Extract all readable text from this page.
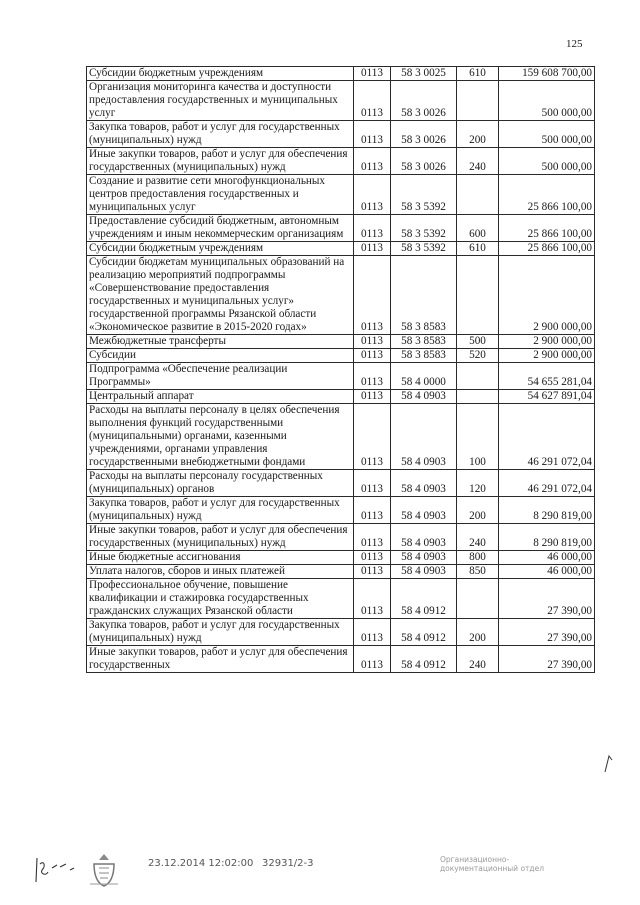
125
Субсидии бюджетным учреждениям	0113	58 3 0025	610	159 608 700,00
Организация мониторинга качества и доступности предоставления государственных и муниципальных услуг	0113	58 3 0026		500 000,00
Закупка товаров, работ и услуг для государственных (муниципальных) нужд	0113	58 3 0026	200	500 000,00
Иные закупки товаров, работ и услуг для обеспечения государственных (муниципальных) нужд	0113	58 3 0026	240	500 000,00
Создание и развитие сети многофункциональных центров предоставления государственных и муниципальных услуг	0113	58 3 5392		25 866 100,00
Предоставление субсидий бюджетным, автономным учреждениям и иным некоммерческим организациям	0113	58 3 5392	600	25 866 100,00
Субсидии бюджетным учреждениям	0113	58 3 5392	610	25 866 100,00
Субсидии бюджетам муниципальных образований на реализацию мероприятий подпрограммы «Совершенствование предоставления государственных и муниципальных услуг» государственной программы Рязанской области «Экономическое развитие в 2015-2020 годах»	0113	58 3 8583		2 900 000,00
Межбюджетные трансферты	0113	58 3 8583	500	2 900 000,00
Субсидии	0113	58 3 8583	520	2 900 000,00
Подпрограмма «Обеспечение реализации Программы»	0113	58 4 0000		54 655 281,04
Центральный аппарат	0113	58 4 0903		54 627 891,04
Расходы на выплаты персоналу в целях обеспечения выполнения функций государственными (муниципальными) органами, казенными учреждениями, органами управления государственными внебюджетными фондами	0113	58 4 0903	100	46 291 072,04
Расходы на выплаты персоналу государственных (муниципальных) органов	0113	58 4 0903	120	46 291 072,04
Закупка товаров, работ и услуг для государственных (муниципальных) нужд	0113	58 4 0903	200	8 290 819,00
Иные закупки товаров, работ и услуг для обеспечения государственных (муниципальных) нужд	0113	58 4 0903	240	8 290 819,00
Иные бюджетные ассигнования	0113	58 4 0903	800	46 000,00
Уплата налогов, сборов и иных платежей	0113	58 4 0903	850	46 000,00
Профессиональное обучение, повышение квалификации и стажировка государственных гражданских служащих Рязанской области	0113	58 4 0912		27 390,00
Закупка товаров, работ и услуг для государственных (муниципальных) нужд	0113	58 4 0912	200	27 390,00
Иные закупки товаров, работ и услуг для обеспечения государственных	0113	58 4 0912	240	27 390,00
23.12.2014 12:02:00 32931/2-3	Организационно-
документационный отдел
